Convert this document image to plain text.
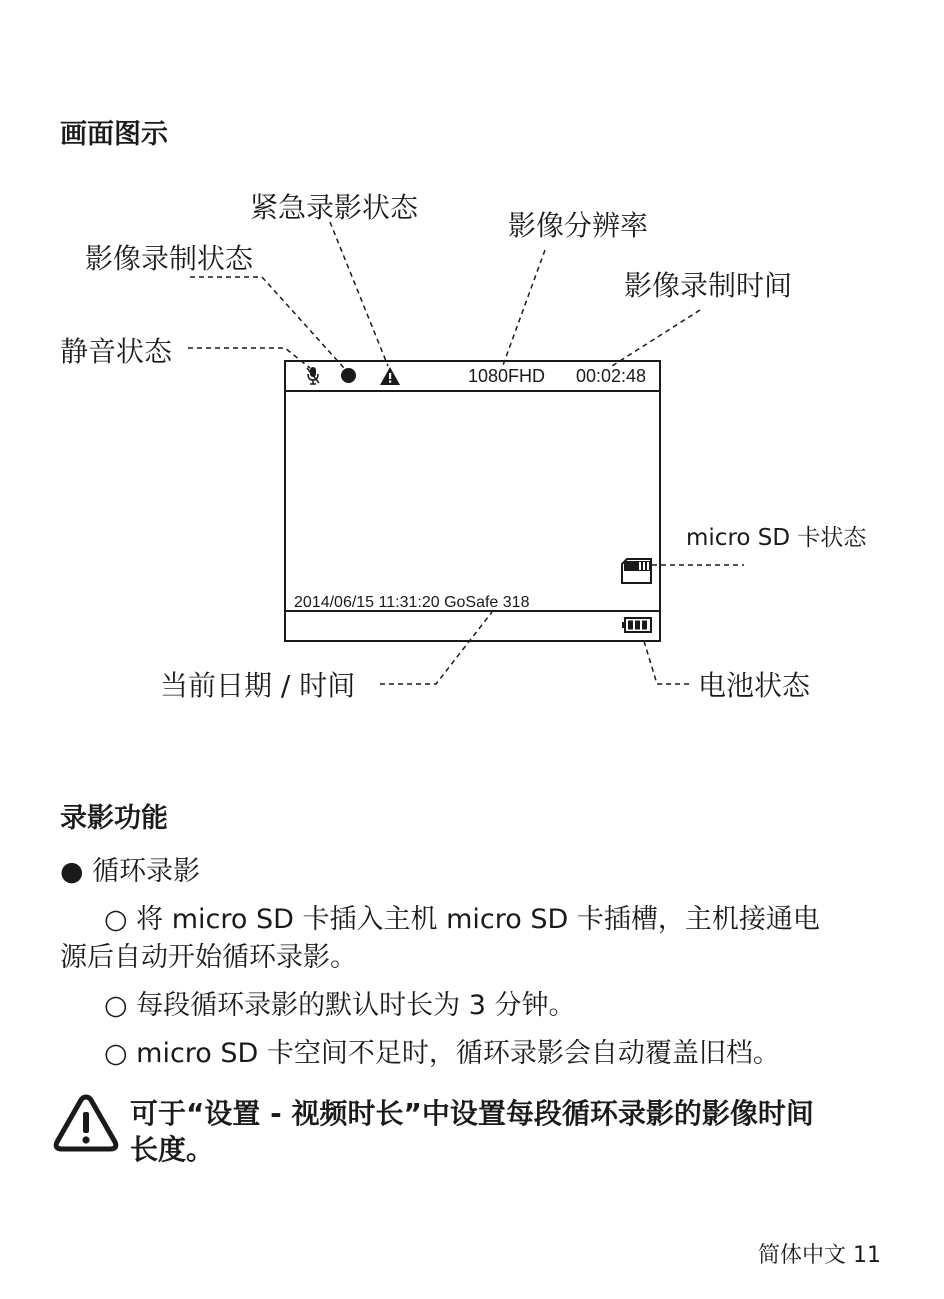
画面图示
紧急录影状态
影像分辨率
影像录制状态
影像录制时间
静音状态
micro SD 卡状态
当前日期 / 时间	电池状态
1080FHD 00:02:48
2014/06/15 11:31:20 GoSafe 318
录影功能
● 循环录影
○ 将 micro SD 卡插入主机 micro SD 卡插槽，主机接通电
源后自动开始循环录影。
○ 每段循环录影的默认时长为 3 分钟。
○ micro SD 卡空间不足时，循环录影会自动覆盖旧档。
可于“设置 - 视频时长”中设置每段循环录影的影像时间
长度。
简体中文 11
